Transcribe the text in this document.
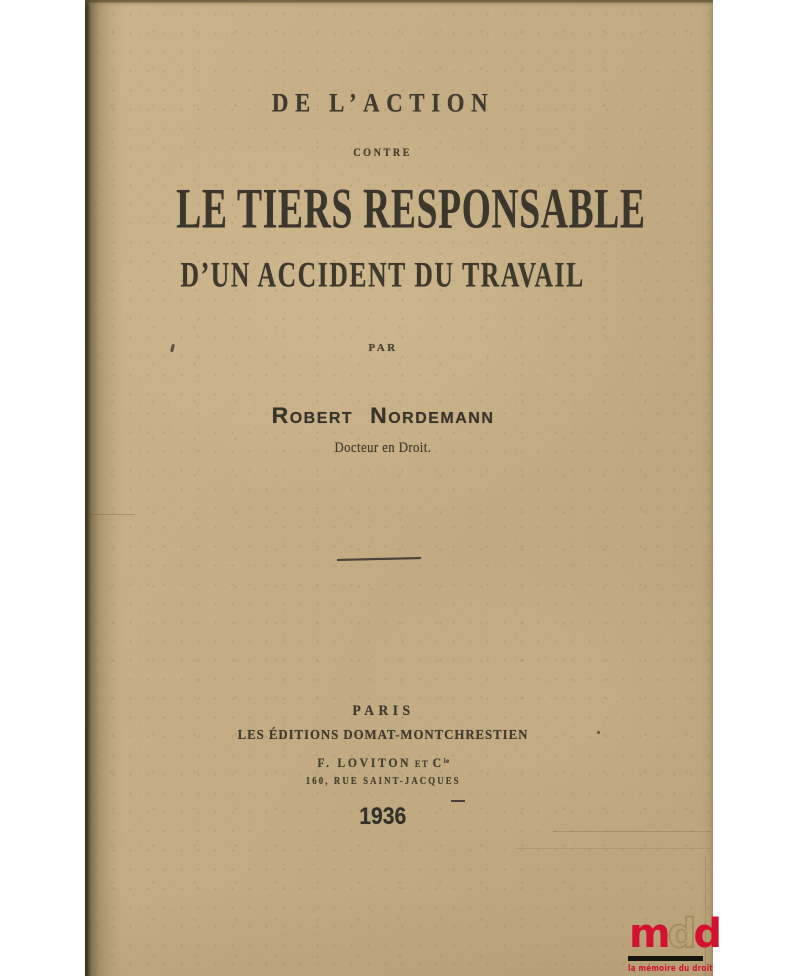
DE L’ACTION
CONTRE
LE TIERS RESPONSABLE
D’UN ACCIDENT DU TRAVAIL
PAR
Robert Nordemann
Docteur en Droit.
PARIS
LES ÉDITIONS DOMAT-MONTCHRESTIEN
F. LOVITON ET $C^{ie}$
160, RUE SAINT-JACQUES
1936
mdd
la mémoire du droit
